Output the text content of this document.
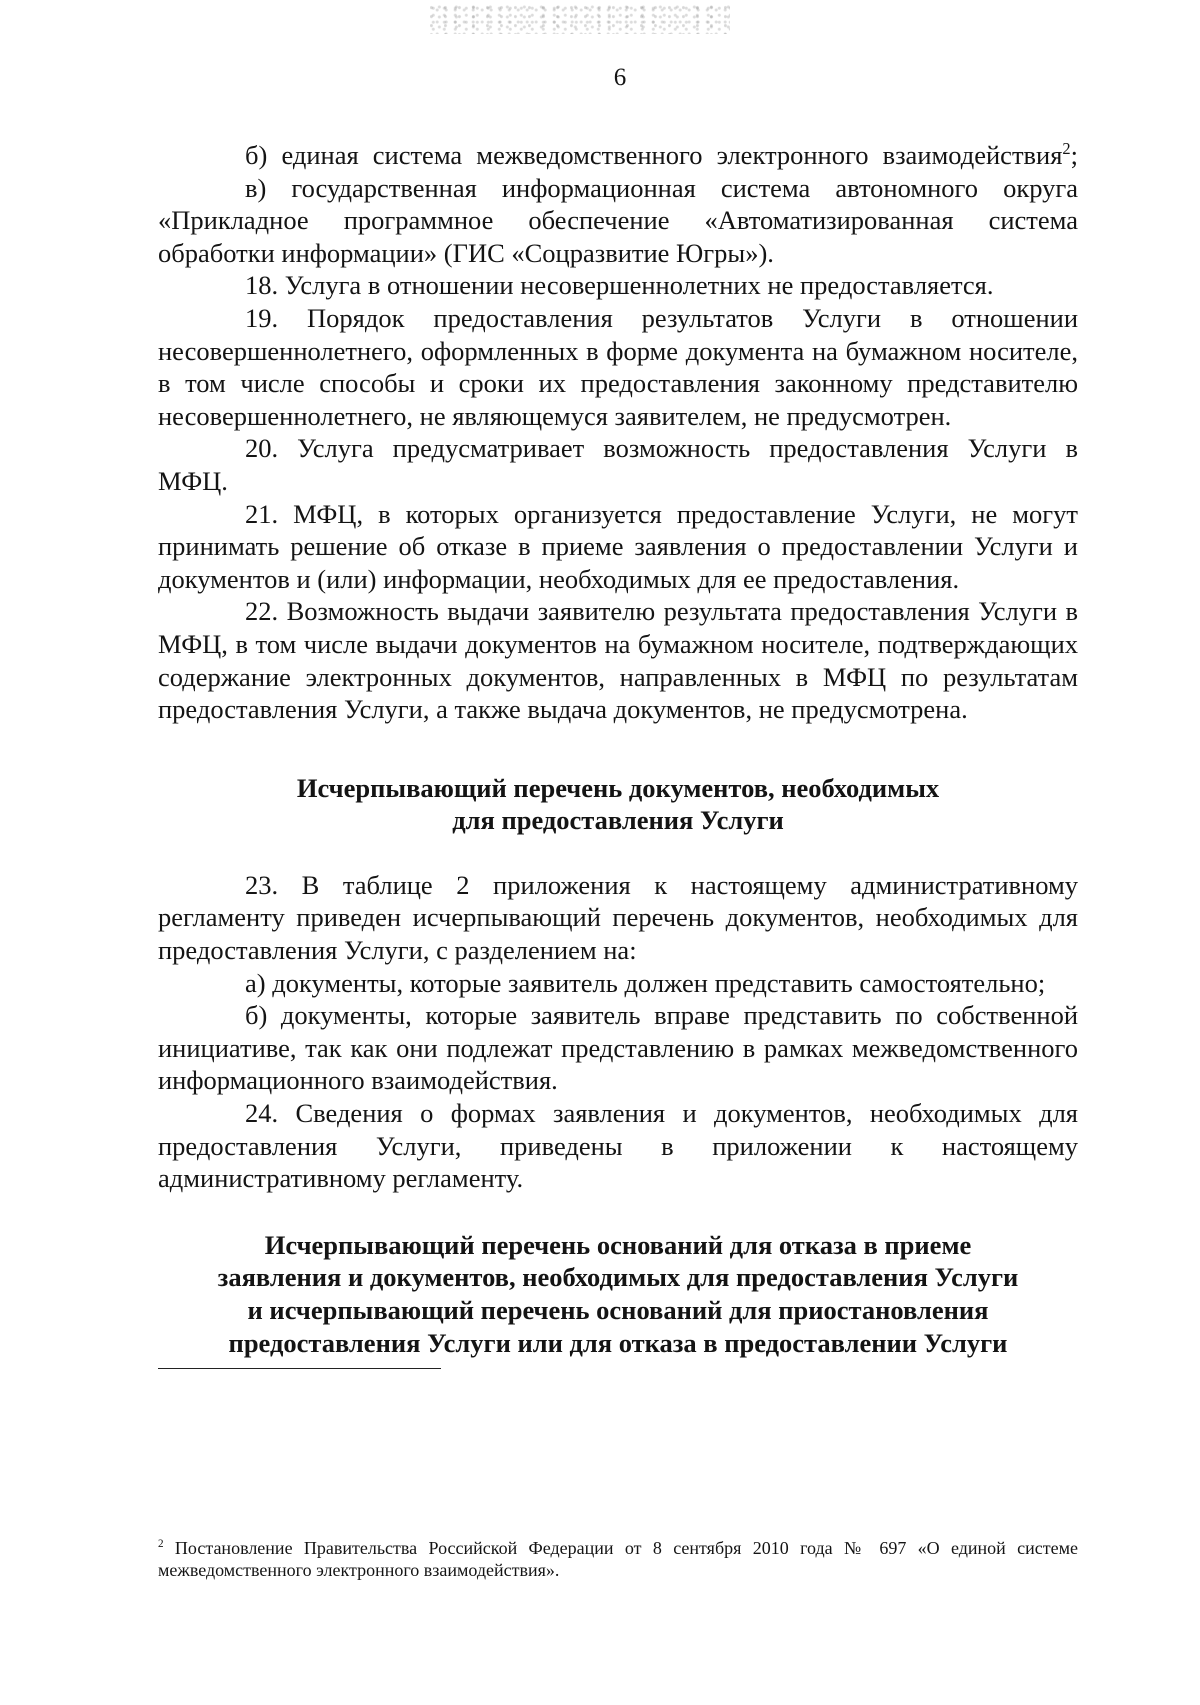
6

б) единая система межведомственного электронного взаимодействия$^2$;

в) государственная информационная система автономного округа «Прикладное программное обеспечение «Автоматизированная система обработки информации» (ГИС «Соцразвитие Югры»).

18. Услуга в отношении несовершеннолетних не предоставляется.

19. Порядок предоставления результатов Услуги в отношении несовершеннолетнего, оформленных в форме документа на бумажном носителе, в том числе способы и сроки их предоставления законному представителю несовершеннолетнего, не являющемуся заявителем, не предусмотрен.

20. Услуга предусматривает возможность предоставления Услуги в МФЦ.

21. МФЦ, в которых организуется предоставление Услуги, не могут принимать решение об отказе в приеме заявления о предоставлении Услуги и документов и (или) информации, необходимых для ее предоставления.

22. Возможность выдачи заявителю результата предоставления Услуги в МФЦ, в том числе выдачи документов на бумажном носителе, подтверждающих содержание электронных документов, направленных в МФЦ по результатам предоставления Услуги, а также выдача документов, не предусмотрена.

Исчерпывающий перечень документов, необходимых
для предоставления Услуги

23. В таблице 2 приложения к настоящему административному регламенту приведен исчерпывающий перечень документов, необходимых для предоставления Услуги, с разделением на:

а) документы, которые заявитель должен представить самостоятельно;

б) документы, которые заявитель вправе представить по собственной инициативе, так как они подлежат представлению в рамках межведомственного информационного взаимодействия.

24. Сведения о формах заявления и документов, необходимых для предоставления Услуги, приведены в приложении к настоящему административному регламенту.

Исчерпывающий перечень оснований для отказа в приеме
заявления и документов, необходимых для предоставления Услуги
и исчерпывающий перечень оснований для приостановления
предоставления Услуги или для отказа в предоставлении Услуги

$^2$ Постановление Правительства Российской Федерации от 8 сентября 2010 года № 697 «О единой системе межведомственного электронного взаимодействия».
